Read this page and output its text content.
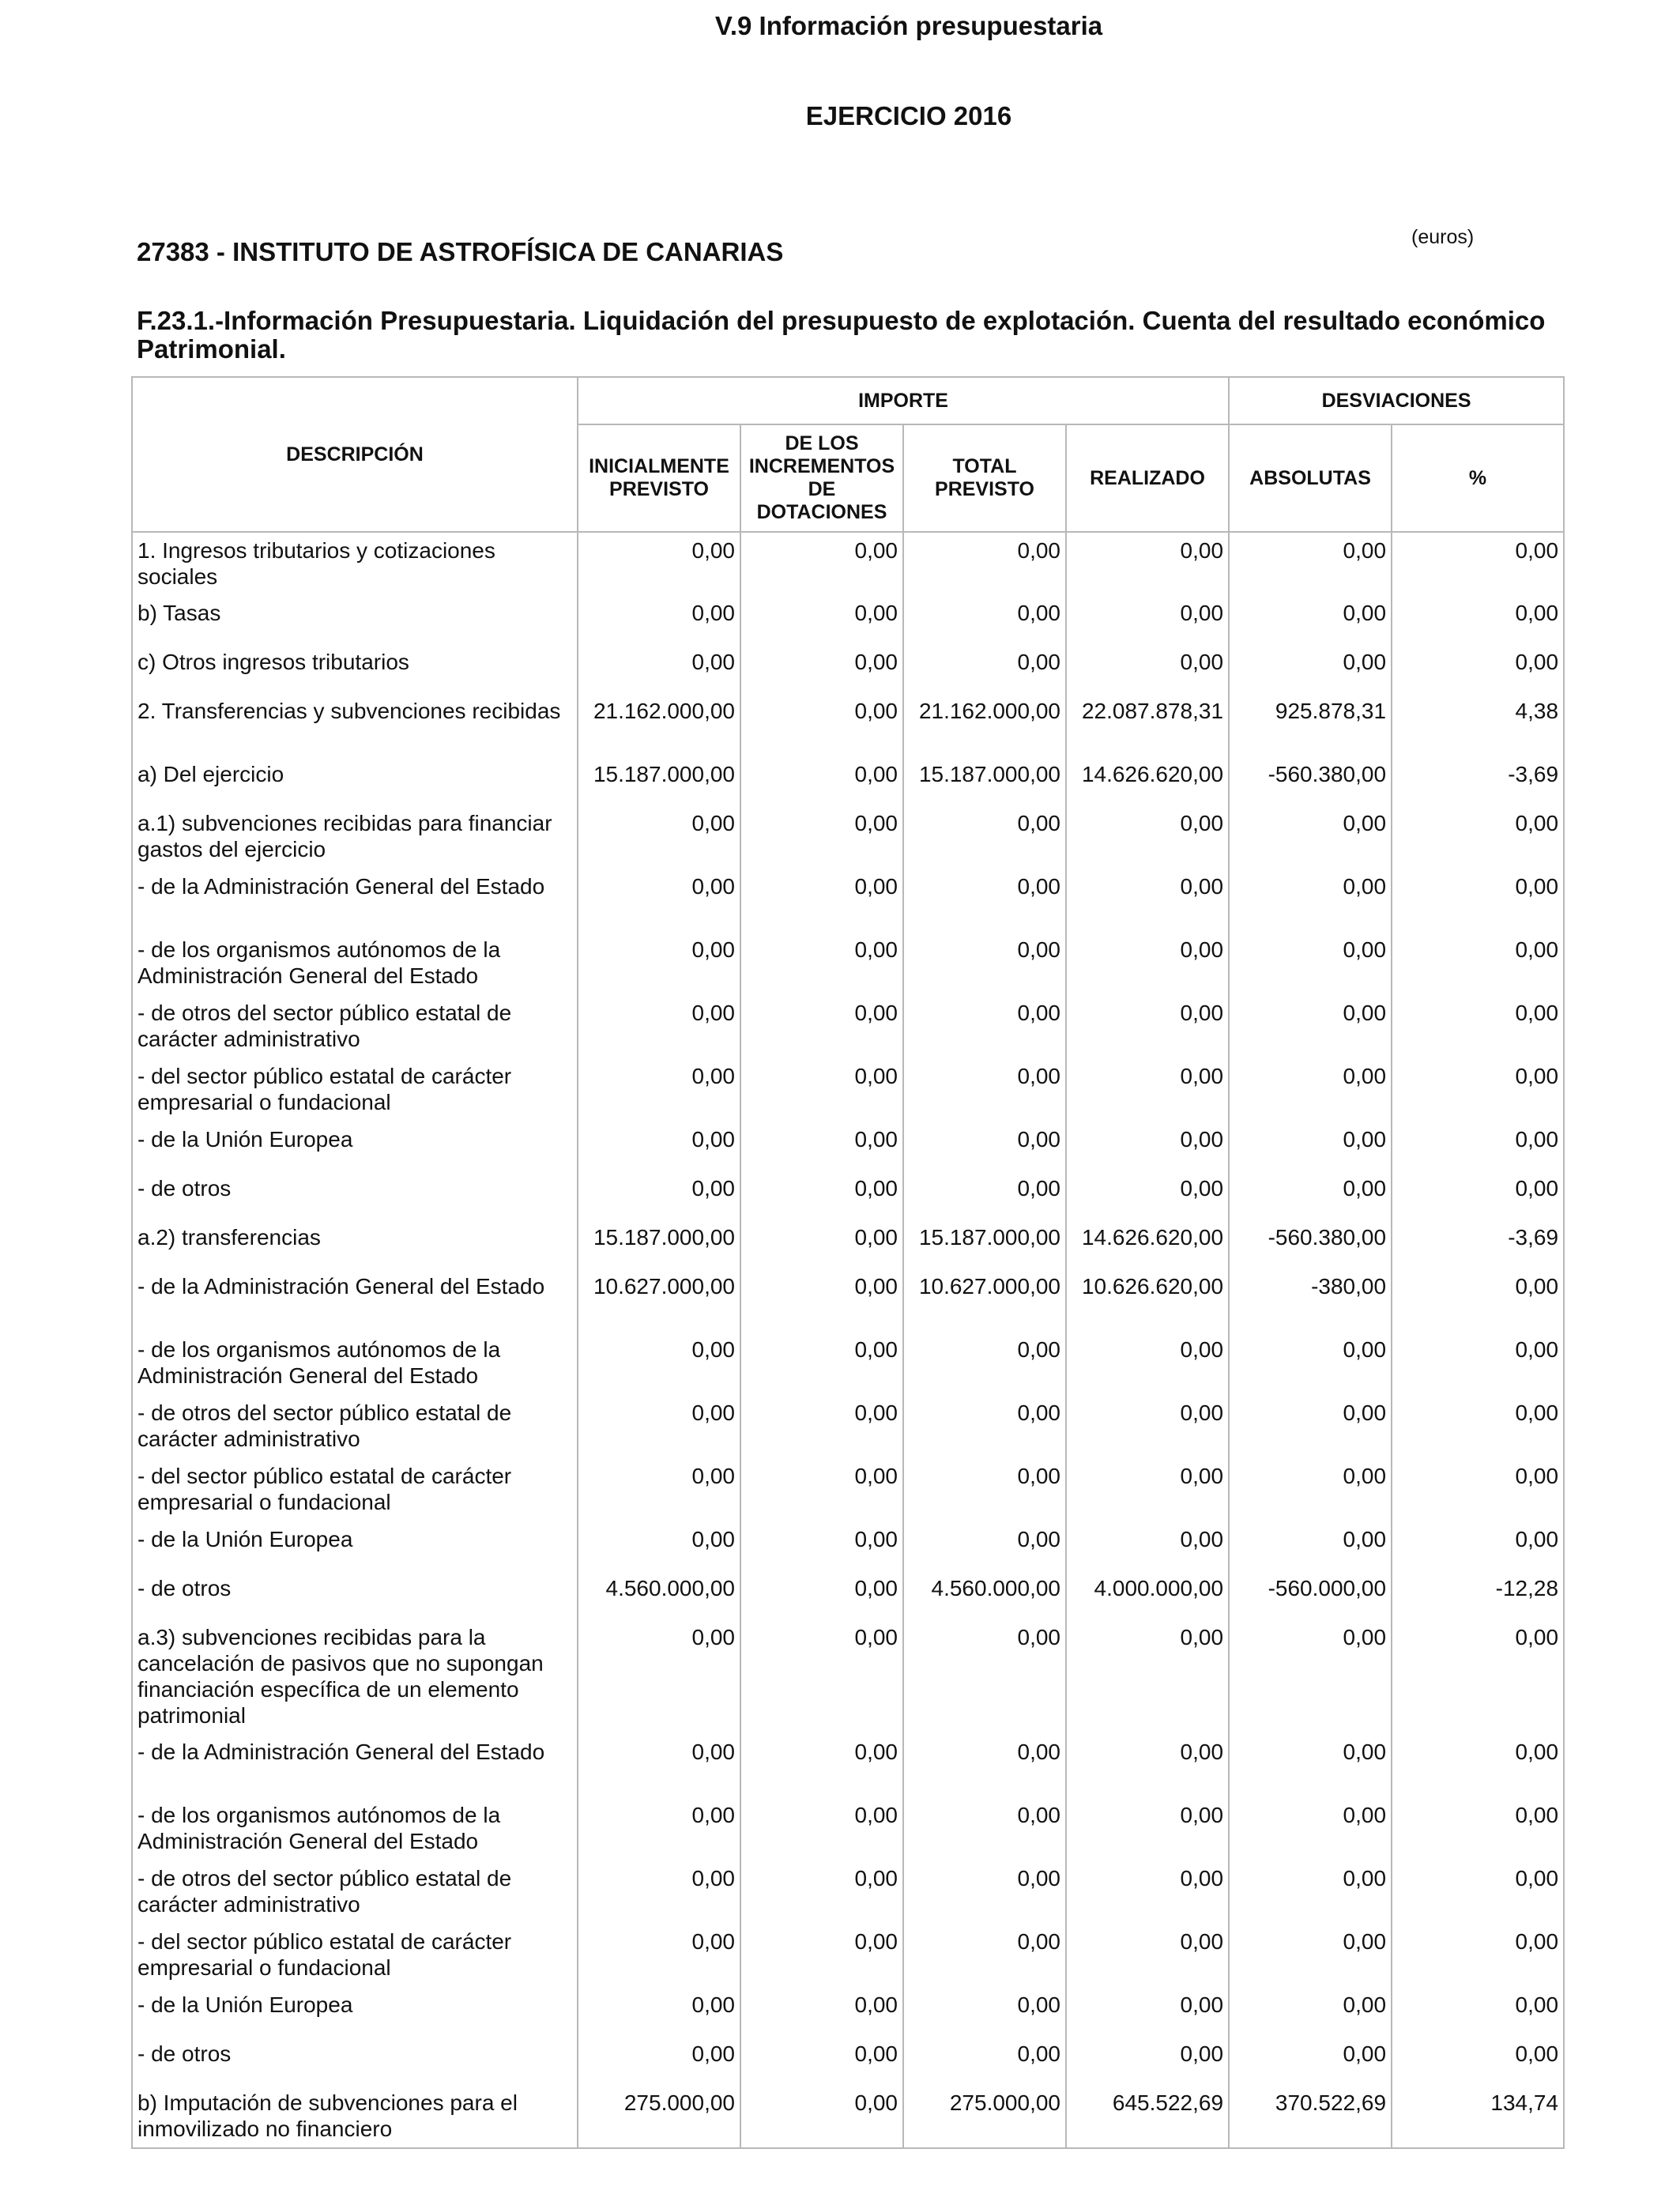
V.9 Información presupuestaria
EJERCICIO 2016
27383 - INSTITUTO DE ASTROFÍSICA DE CANARIAS	(euros)
F.23.1.-Información Presupuestaria. Liquidación del presupuesto de explotación. Cuenta del resultado económico Patrimonial.
DESCRIPCIÓN	IMPORTE				DESVIACIONES	
	INICIALMENTE PREVISTO	DE LOS INCREMENTOS DE DOTACIONES	TOTAL PREVISTO	REALIZADO	ABSOLUTAS	%
1. Ingresos tributarios y cotizaciones sociales	0,00	0,00	0,00	0,00	0,00	0,00
b) Tasas	0,00	0,00	0,00	0,00	0,00	0,00
c) Otros ingresos tributarios	0,00	0,00	0,00	0,00	0,00	0,00
2. Transferencias y subvenciones recibidas	21.162.000,00	0,00	21.162.000,00	22.087.878,31	925.878,31	4,38
a) Del ejercicio	15.187.000,00	0,00	15.187.000,00	14.626.620,00	-560.380,00	-3,69
a.1) subvenciones recibidas para financiar gastos del ejercicio	0,00	0,00	0,00	0,00	0,00	0,00
- de la Administración General del Estado	0,00	0,00	0,00	0,00	0,00	0,00
- de los organismos autónomos de la Administración General del Estado	0,00	0,00	0,00	0,00	0,00	0,00
- de otros del sector público estatal de carácter administrativo	0,00	0,00	0,00	0,00	0,00	0,00
- del sector público estatal de carácter empresarial o fundacional	0,00	0,00	0,00	0,00	0,00	0,00
- de la Unión Europea	0,00	0,00	0,00	0,00	0,00	0,00
- de otros	0,00	0,00	0,00	0,00	0,00	0,00
a.2) transferencias	15.187.000,00	0,00	15.187.000,00	14.626.620,00	-560.380,00	-3,69
- de la Administración General del Estado	10.627.000,00	0,00	10.627.000,00	10.626.620,00	-380,00	0,00
- de los organismos autónomos de la Administración General del Estado	0,00	0,00	0,00	0,00	0,00	0,00
- de otros del sector público estatal de carácter administrativo	0,00	0,00	0,00	0,00	0,00	0,00
- del sector público estatal de carácter empresarial o fundacional	0,00	0,00	0,00	0,00	0,00	0,00
- de la Unión Europea	0,00	0,00	0,00	0,00	0,00	0,00
- de otros	4.560.000,00	0,00	4.560.000,00	4.000.000,00	-560.000,00	-12,28
a.3) subvenciones recibidas para la cancelación de pasivos que no supongan financiación específica de un elemento patrimonial	0,00	0,00	0,00	0,00	0,00	0,00
- de la Administración General del Estado	0,00	0,00	0,00	0,00	0,00	0,00
- de los organismos autónomos de la Administración General del Estado	0,00	0,00	0,00	0,00	0,00	0,00
- de otros del sector público estatal de carácter administrativo	0,00	0,00	0,00	0,00	0,00	0,00
- del sector público estatal de carácter empresarial o fundacional	0,00	0,00	0,00	0,00	0,00	0,00
- de la Unión Europea	0,00	0,00	0,00	0,00	0,00	0,00
- de otros	0,00	0,00	0,00	0,00	0,00	0,00
b) Imputación de subvenciones para el inmovilizado no financiero	275.000,00	0,00	275.000,00	645.522,69	370.522,69	134,74
